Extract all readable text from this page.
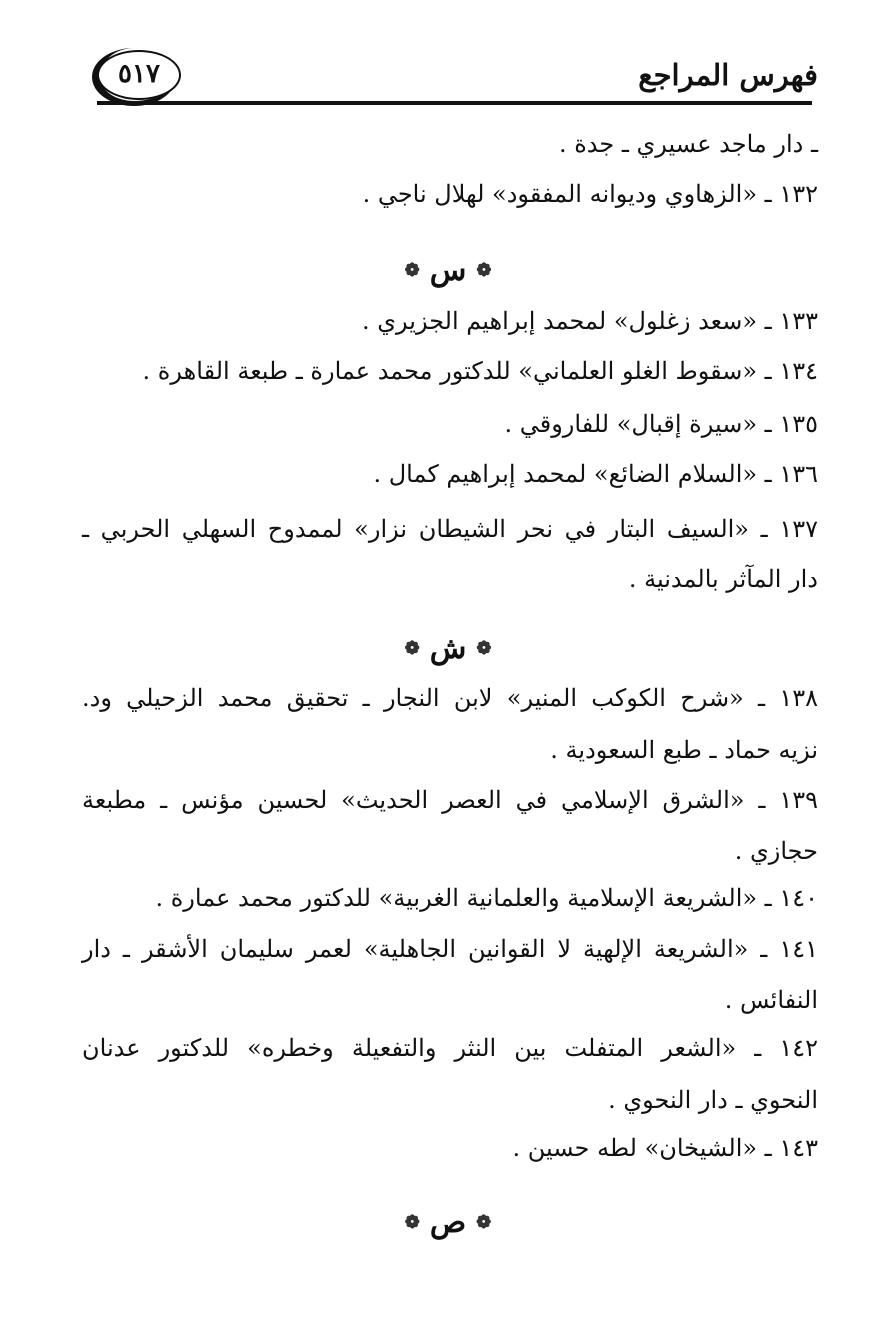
فهرس المراجع
٥١٧
ـ دار ماجد عسيري ـ جدة .
١٣٢ ـ «الزهاوي وديوانه المفقود» لهلال ناجي .
❁س❁
١٣٣ ـ «سعد زغلول» لمحمد إبراهيم الجزيري .
١٣٤ ـ «سقوط الغلو العلماني» للدكتور محمد عمارة ـ طبعة القاهرة .
١٣٥ ـ «سيرة إقبال» للفاروقي .
١٣٦ ـ «السلام الضائع» لمحمد إبراهيم كمال .
١٣٧ ـ «السيف البتار في نحر الشيطان نزار» لممدوح السهلي الحربي ـ
دار المآثر بالمدنية .
❁ش❁
١٣٨ ـ «شرح الكوكب المنير» لابن النجار ـ تحقيق محمد الزحيلي ود.
نزيه حماد ـ طبع السعودية .
١٣٩ ـ «الشرق الإسلامي في العصر الحديث» لحسين مؤنس ـ مطبعة
حجازي .
١٤٠ ـ «الشريعة الإسلامية والعلمانية الغربية» للدكتور محمد عمارة .
١٤١ ـ «الشريعة الإلهية لا القوانين الجاهلية» لعمر سليمان الأشقر ـ دار
النفائس .
١٤٢ ـ «الشعر المتفلت بين النثر والتفعيلة وخطره» للدكتور عدنان
النحوي ـ دار النحوي .
١٤٣ ـ «الشيخان» لطه حسين .
❁ص❁
